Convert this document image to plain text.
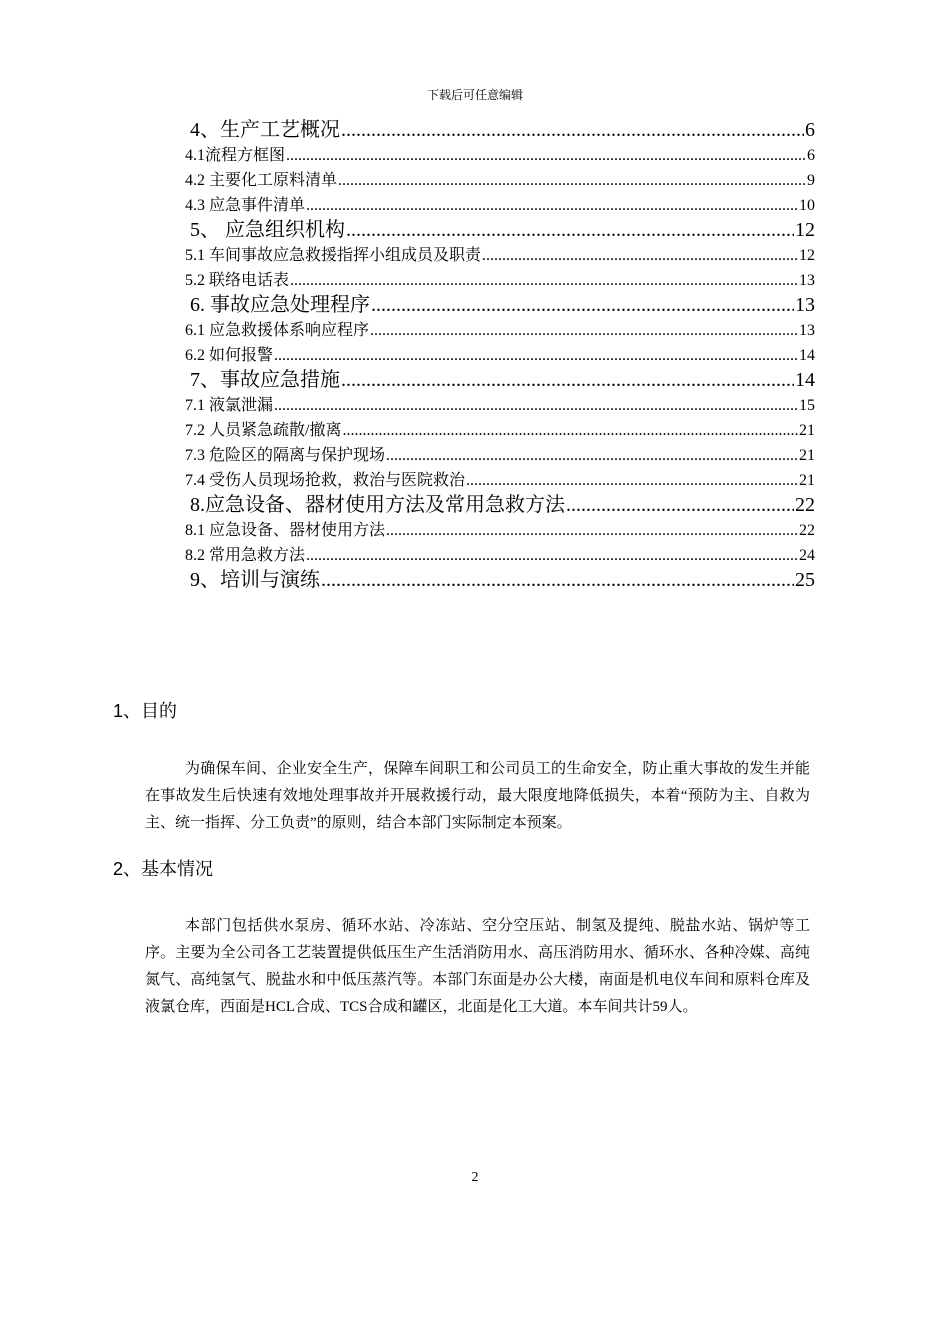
下载后可任意编辑
4、生产工艺概况 .....	6
4.1流程方框图 .....	6
4.2 主要化工原料清单 .....	9
4.3 应急事件清单 .....	10
5、 应急组织机构 .....	12
5.1 车间事故应急救援指挥小组成员及职责 .....	12
5.2 联络电话表 .....	13
6. 事故应急处理程序 .....	13
6.1 应急救援体系响应程序 .....	13
6.2 如何报警 .....	14
7、事故应急措施 .....	14
7.1 液氯泄漏 .....	15
7.2 人员紧急疏散/撤离 .....	21
7.3 危险区的隔离与保护现场 .....	21
7.4 受伤人员现场抢救，救治与医院救治 .....	21
8.应急设备、器材使用方法及常用急救方法 .....	22
8.1 应急设备、器材使用方法 .....	22
8.2 常用急救方法 .....	24
9、培训与演练 .....	25
1、目的
为确保车间、企业安全生产，保障车间职工和公司员工的生命安全，防止重大事故的发生并能在事故发生后快速有效地处理事故并开展救援行动，最大限度地降低损失，本着“预防为主、自救为主、统一指挥、分工负责”的原则，结合本部门实际制定本预案。
2、基本情况
本部门包括供水泵房、循环水站、冷冻站、空分空压站、制氢及提纯、脱盐水站、锅炉等工序。主要为全公司各工艺装置提供低压生产生活消防用水、高压消防用水、循环水、各种冷媒、高纯氮气、高纯氢气、脱盐水和中低压蒸汽等。本部门东面是办公大楼，南面是机电仪车间和原料仓库及液氯仓库，西面是HCL合成、TCS合成和罐区，北面是化工大道。本车间共计59人。
2
